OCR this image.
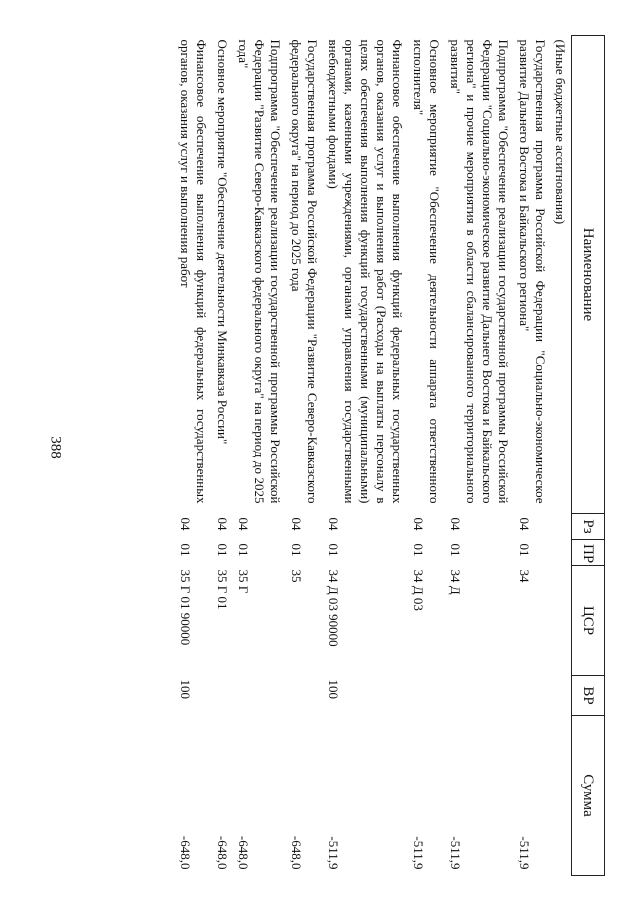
388
Наименование	Рз	ПР	ЦСР	ВР	Сумма
(Иные бюджетные ассигнования)					
Государственная программа Российской Федерации "Социально-экономическое развитие Дальнего Востока и Байкальского региона"	04	01	34		-511,9
Подпрограмма "Обеспечение реализации государственной программы Российской Федерации "Социально-экономическое развитие Дальнего Востока и Байкальского региона" и прочие мероприятия в области сбалансированного территориального развития"	04	01	34 Д		-511,9
Основное мероприятие "Обеспечение деятельности аппарата ответственного исполнителя"	04	01	34 Д 03		-511,9
Финансовое обеспечение выполнения функций федеральных государственных органов, оказания услуг и выполнения работ (Расходы на выплаты персоналу в целях обеспечения выполнения функций государственными (муниципальными) органами, казенными учреждениями, органами управления государственными внебюджетными фондами)	04	01	34 Д 03 90000	100	-511,9
Государственная программа Российской Федерации "Развитие Северо-Кавказского федерального округа" на период до 2025 года	04	01	35		-648,0
Подпрограмма "Обеспечение реализации государственной программы Российской Федерации "Развитие Северо-Кавказского федерального округа" на период до 2025 года"	04	01	35 Г		-648,0
Основное мероприятие "Обеспечение деятельности Минкавказа России"	04	01	35 Г 01		-648,0
Финансовое обеспечение выполнения функций федеральных государственных органов, оказания услуг и выполнения работ	04	01	35 Г 01 90000	100	-648,0
